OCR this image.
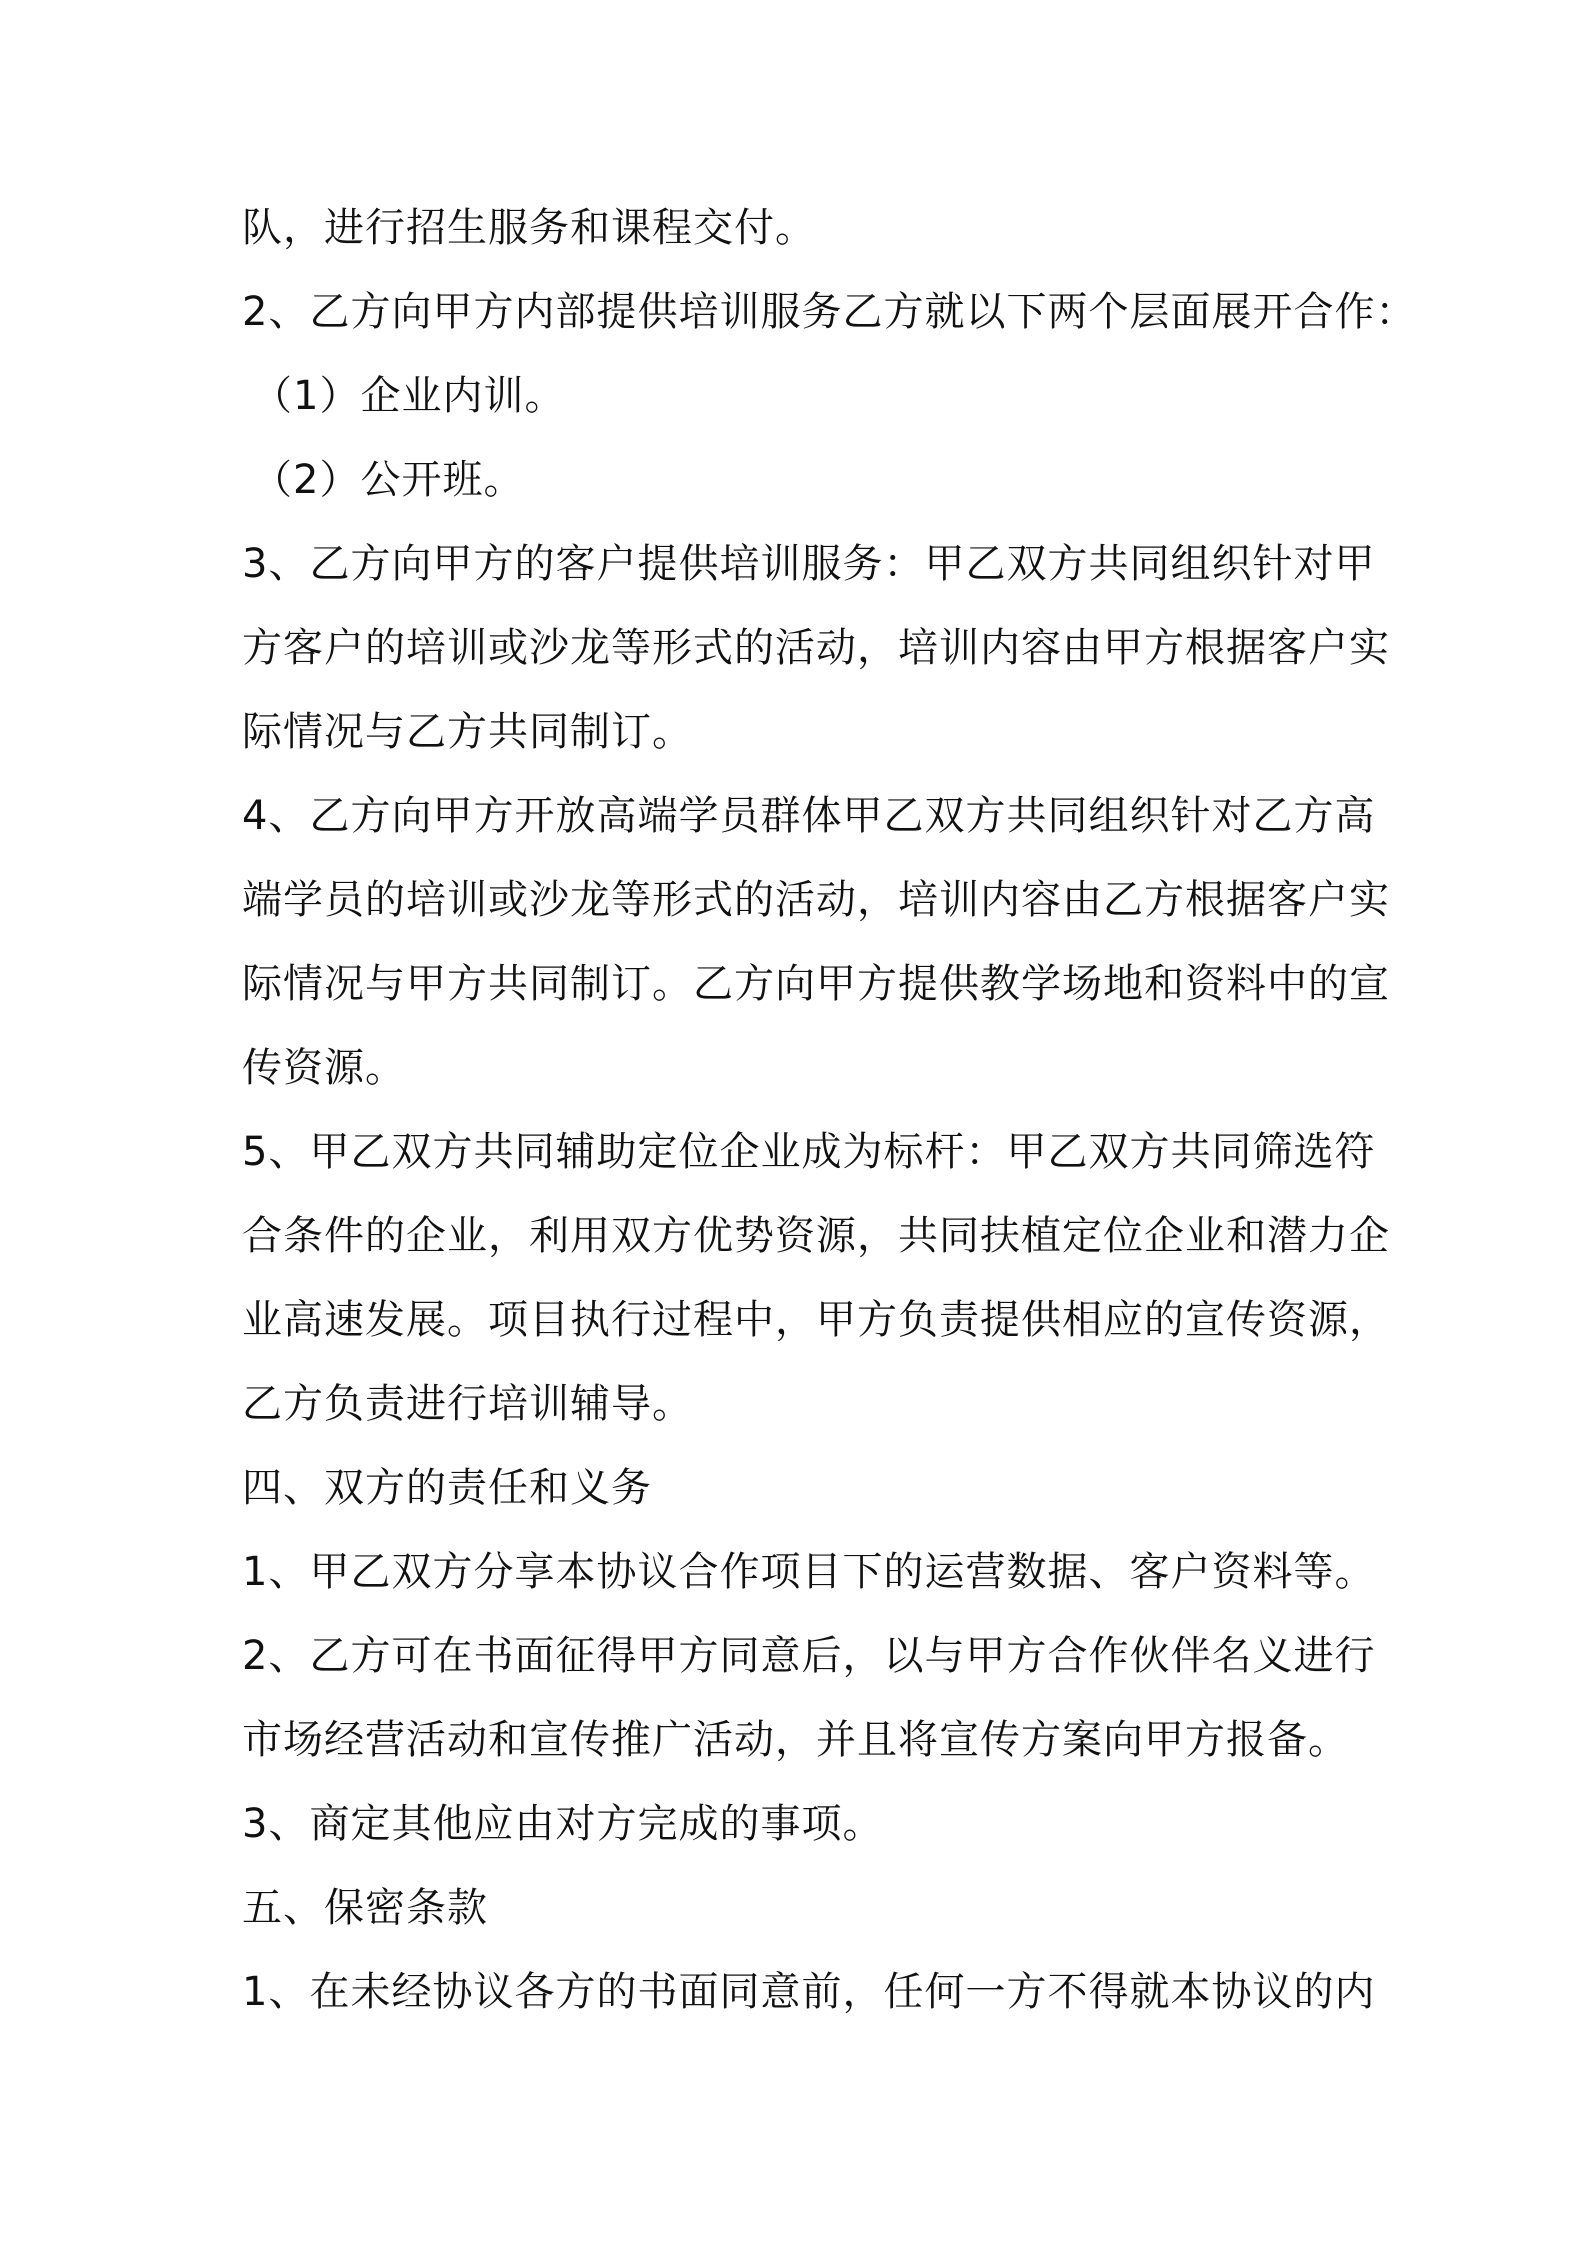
队，进行招生服务和课程交付。
2、乙方向甲方内部提供培训服务乙方就以下两个层面展开合作：
（1）企业内训。
（2）公开班。
3、乙方向甲方的客户提供培训服务：甲乙双方共同组织针对甲
方客户的培训或沙龙等形式的活动，培训内容由甲方根据客户实
际情况与乙方共同制订。
4、乙方向甲方开放高端学员群体甲乙双方共同组织针对乙方高
端学员的培训或沙龙等形式的活动，培训内容由乙方根据客户实
际情况与甲方共同制订。乙方向甲方提供教学场地和资料中的宣
传资源。
5、甲乙双方共同辅助定位企业成为标杆：甲乙双方共同筛选符
合条件的企业，利用双方优势资源，共同扶植定位企业和潜力企
业高速发展。项目执行过程中，甲方负责提供相应的宣传资源，
乙方负责进行培训辅导。
四、双方的责任和义务
1、甲乙双方分享本协议合作项目下的运营数据、客户资料等。
2、乙方可在书面征得甲方同意后，以与甲方合作伙伴名义进行
市场经营活动和宣传推广活动，并且将宣传方案向甲方报备。
3、商定其他应由对方完成的事项。
五、保密条款
1、在未经协议各方的书面同意前，任何一方不得就本协议的内
